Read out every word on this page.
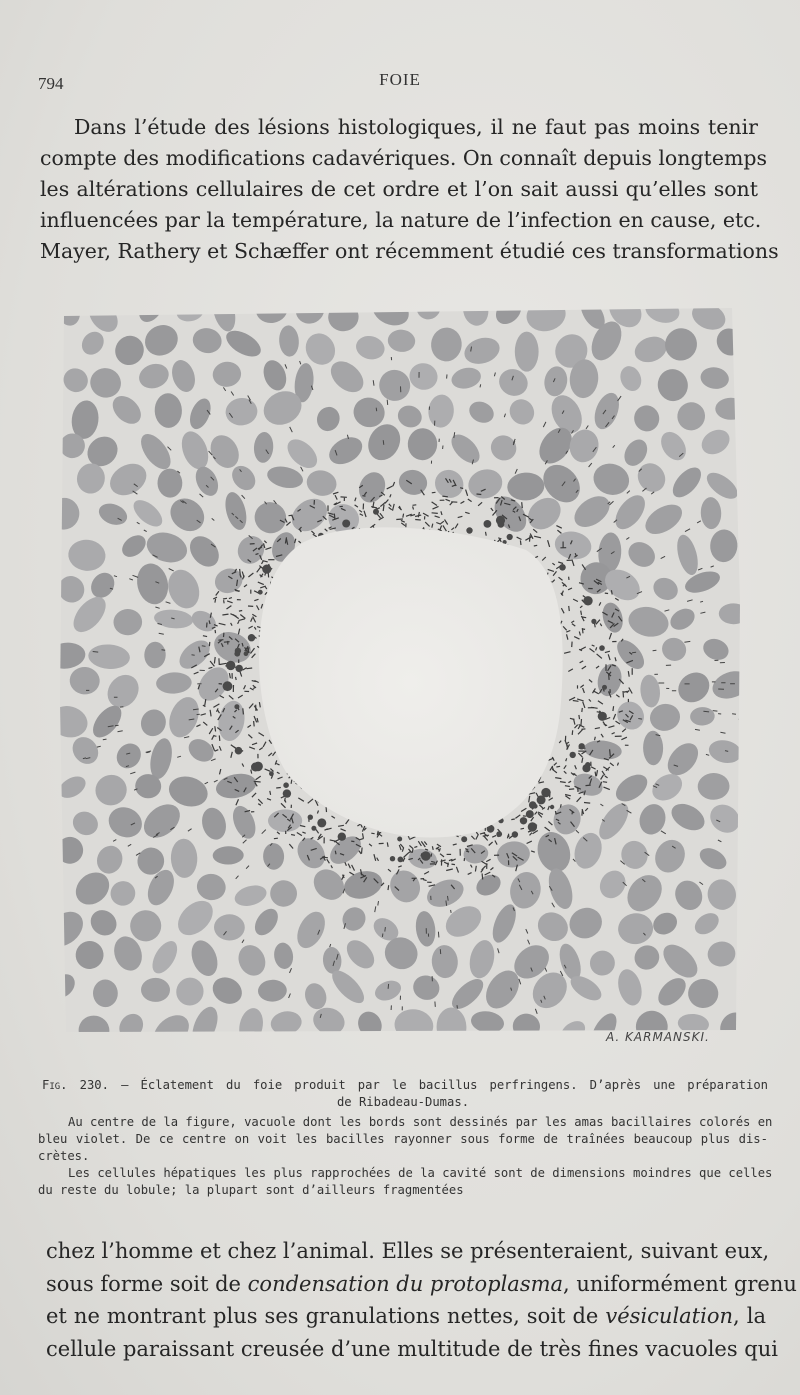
794	FOIE
Dans l’étude des lésions histologiques, il ne faut pas moins tenir
compte des modifications cadavériques. On connaît depuis longtemps
les altérations cellulaires de cet ordre et l’on sait aussi qu’elles sont
influencées par la température, la nature de l’infection en cause, etc.
Mayer, Rathery et Schæffer ont récemment étudié ces transformations
A. KARMANSKI.
Fig. 230. — Éclatement du foie produit par le bacillus perfringens. D’après une préparation
de Ribadeau-Dumas.
Au centre de la figure, vacuole dont les bords sont dessinés par les amas bacillaires colorés en
bleu violet. De ce centre on voit les bacilles rayonner sous forme de traînées beaucoup plus dis-
crètes.
Les cellules hépatiques les plus rapprochées de la cavité sont de dimensions moindres que celles
du reste du lobule; la plupart sont d’ailleurs fragmentées
chez l’homme et chez l’animal. Elles se présenteraient, suivant eux,
sous forme soit de condensation du protoplasma, uniformément grenu
et ne montrant plus ses granulations nettes, soit de vésiculation, la
cellule paraissant creusée d’une multitude de très fines vacuoles qui
